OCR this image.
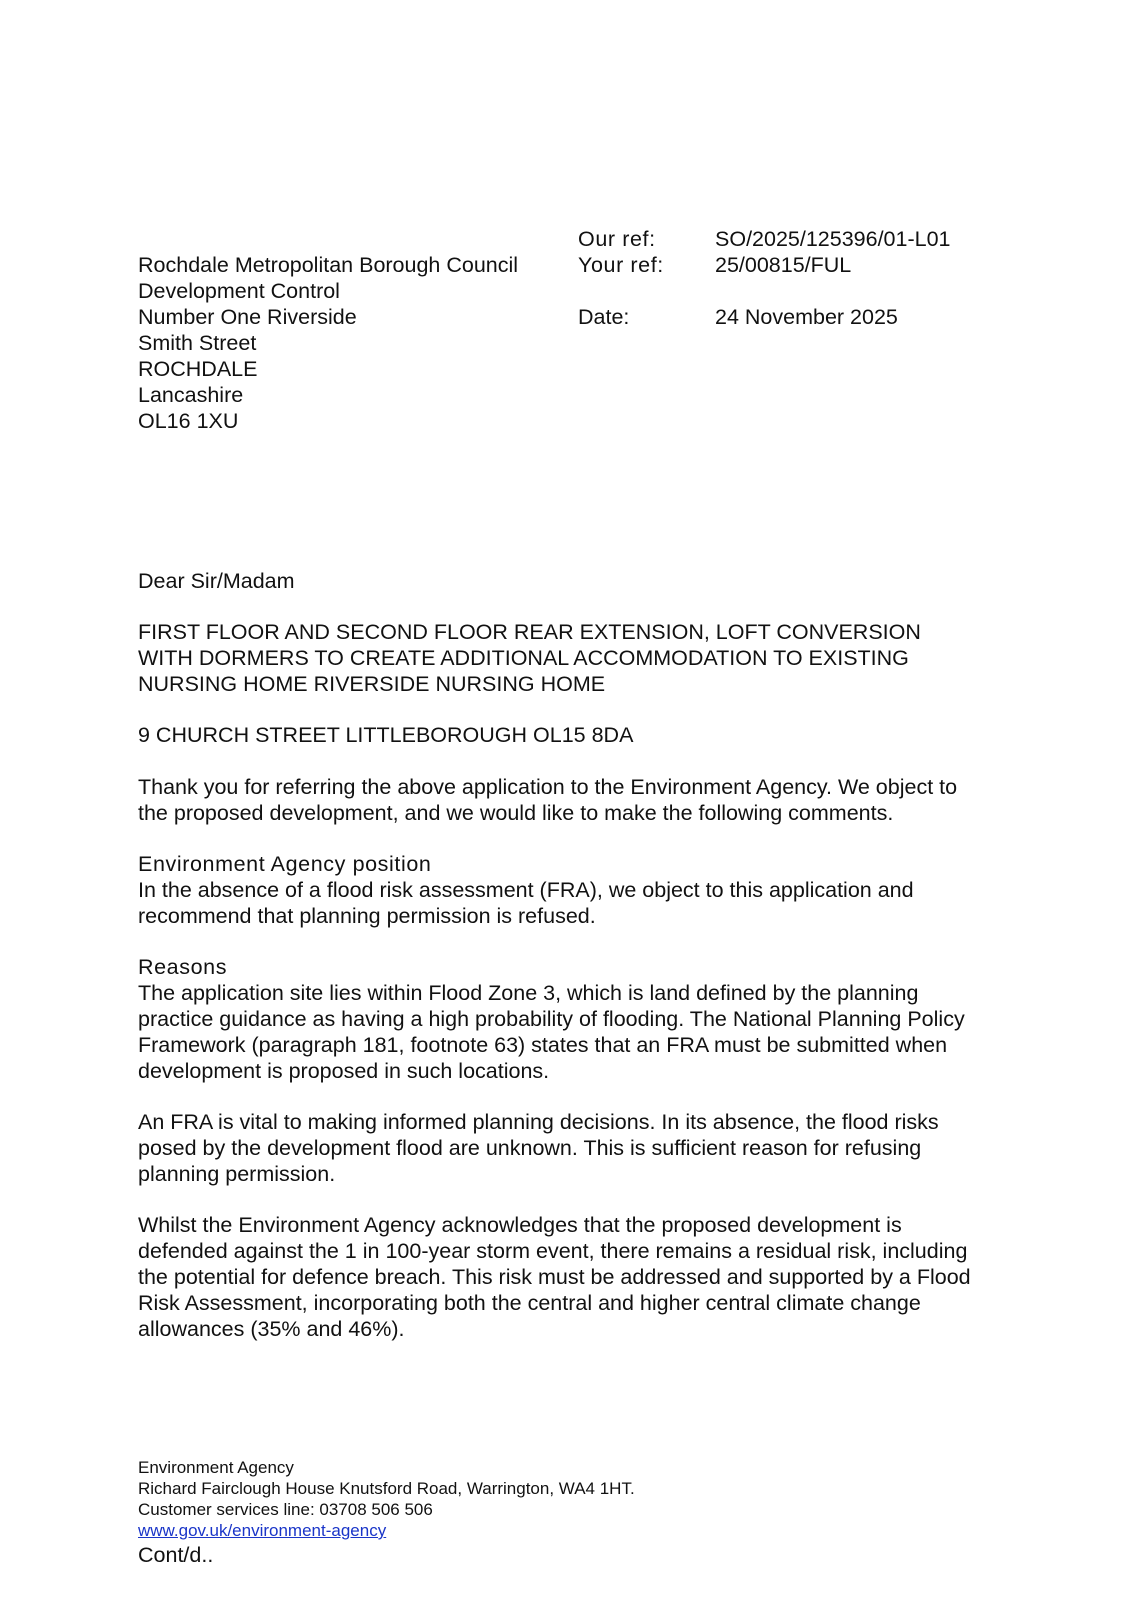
Rochdale Metropolitan Borough Council
Development Control
Number One Riverside
Smith Street
ROCHDALE
Lancashire
OL16 1XU
Our ref:	SO/2025/125396/01-L01
Your ref:	25/00815/FUL
Date:	24 November 2025

Dear Sir/Madam

FIRST FLOOR AND SECOND FLOOR REAR EXTENSION, LOFT CONVERSION

WITH DORMERS TO CREATE ADDITIONAL ACCOMMODATION TO EXISTING

NURSING HOME RIVERSIDE NURSING HOME

9 CHURCH STREET LITTLEBOROUGH OL15 8DA

Thank you for referring the above application to the Environment Agency. We object to

the proposed development, and we would like to make the following comments.

Environment Agency position

In the absence of a flood risk assessment (FRA), we object to this application and

recommend that planning permission is refused.

Reasons

The application site lies within Flood Zone 3, which is land defined by the planning

practice guidance as having a high probability of flooding. The National Planning Policy

Framework (paragraph 181, footnote 63) states that an FRA must be submitted when

development is proposed in such locations.

An FRA is vital to making informed planning decisions. In its absence, the flood risks

posed by the development flood are unknown. This is sufficient reason for refusing

planning permission.

Whilst the Environment Agency acknowledges that the proposed development is

defended against the 1 in 100-year storm event, there remains a residual risk, including

the potential for defence breach. This risk must be addressed and supported by a Flood

Risk Assessment, incorporating both the central and higher central climate change

allowances (35% and 46%).

Environment Agency
Richard Fairclough House Knutsford Road, Warrington, WA4 1HT.
Customer services line: 03708 506 506
www.gov.uk/environment-agency
Cont/d..
